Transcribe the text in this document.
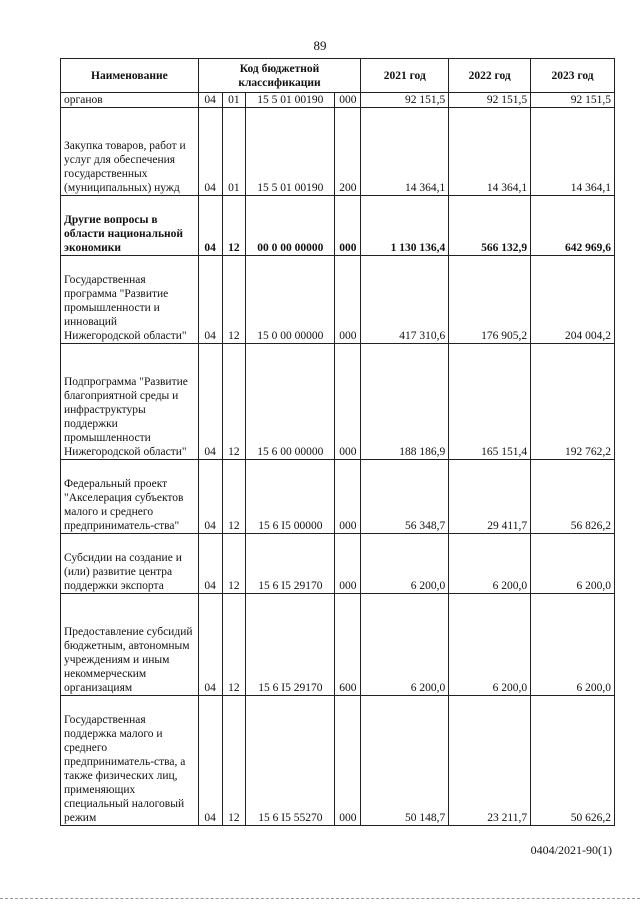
89
Наименование	Код бюджетной классификации				2021 год	2022 год	2023 год
органов	04	01	15 5 01 00190	000	92 151,5	92 151,5	92 151,5
Закупка товаров, работ и услуг для обеспечения государственных (муниципальных) нужд	04	01	15 5 01 00190	200	14 364,1	14 364,1	14 364,1
Другие вопросы в области национальной экономики	04	12	00 0 00 00000	000	1 130 136,4	566 132,9	642 969,6
Государственная программа "Развитие промышленности и инноваций Нижегородской области"	04	12	15 0 00 00000	000	417 310,6	176 905,2	204 004,2
Подпрограмма "Развитие благоприятной среды и инфраструктуры поддержки промышленности Нижегородской области"	04	12	15 6 00 00000	000	188 186,9	165 151,4	192 762,2
Федеральный проект "Акселерация субъектов малого и среднего предприниматель-ства"	04	12	15 6 I5 00000	000	56 348,7	29 411,7	56 826,2
Субсидии на создание и (или) развитие центра поддержки экспорта	04	12	15 6 I5 29170	000	6 200,0	6 200,0	6 200,0
Предоставление субсидий бюджетным, автономным учреждениям и иным некоммерческим организациям	04	12	15 6 I5 29170	600	6 200,0	6 200,0	6 200,0
Государственная поддержка малого и среднего предприниматель-ства, а также физических лиц, применяющих специальный налоговый режим	04	12	15 6 I5 55270	000	50 148,7	23 211,7	50 626,2
0404/2021-90(1)
